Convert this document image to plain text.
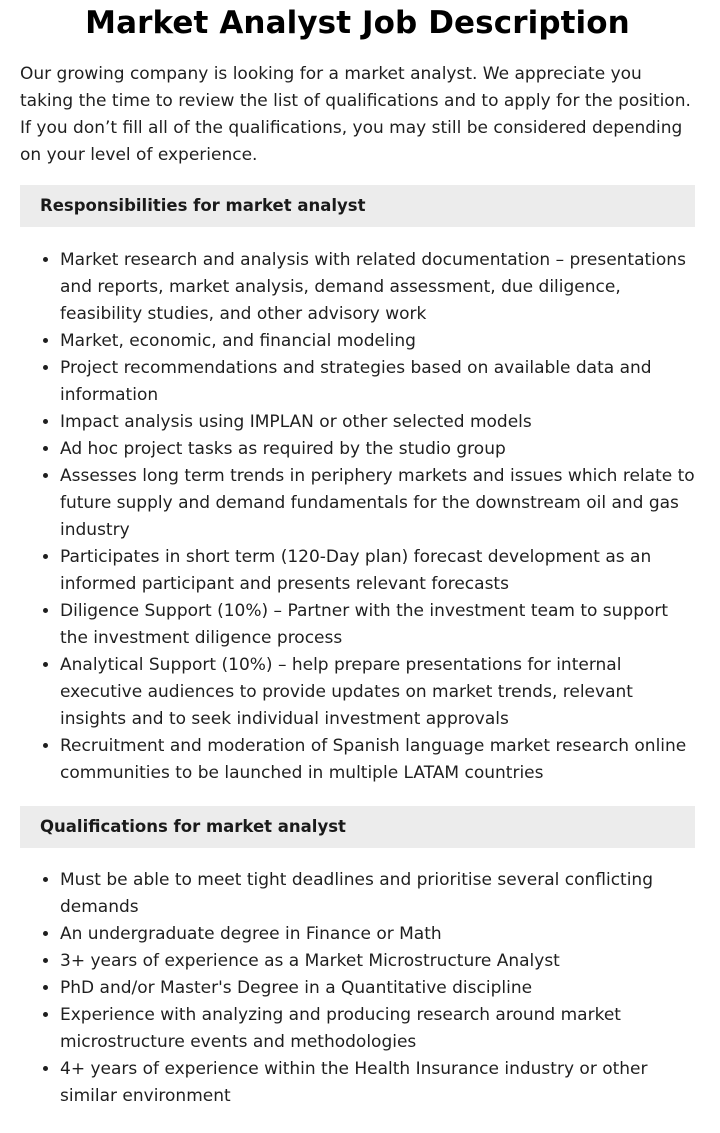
Market Analyst Job Description

Our growing company is looking for a market analyst. We appreciate you taking the time to review the list of qualifications and to apply for the position. If you don’t fill all of the qualifications, you may still be considered depending on your level of experience.

Responsibilities for market analyst
• Market research and analysis with related documentation – presentations and reports, market analysis, demand assessment, due diligence, feasibility studies, and other advisory work
• Market, economic, and financial modeling
• Project recommendations and strategies based on available data and information
• Impact analysis using IMPLAN or other selected models
• Ad hoc project tasks as required by the studio group
• Assesses long term trends in periphery markets and issues which relate to future supply and demand fundamentals for the downstream oil and gas industry
• Participates in short term (120-Day plan) forecast development as an informed participant and presents relevant forecasts
• Diligence Support (10%) – Partner with the investment team to support the investment diligence process
• Analytical Support (10%) – help prepare presentations for internal executive audiences to provide updates on market trends, relevant insights and to seek individual investment approvals
• Recruitment and moderation of Spanish language market research online communities to be launched in multiple LATAM countries
Qualifications for market analyst
• Must be able to meet tight deadlines and prioritise several conflicting demands
• An undergraduate degree in Finance or Math
• 3+ years of experience as a Market Microstructure Analyst
• PhD and/or Master's Degree in a Quantitative discipline
• Experience with analyzing and producing research around market microstructure events and methodologies
• 4+ years of experience within the Health Insurance industry or other similar environment
